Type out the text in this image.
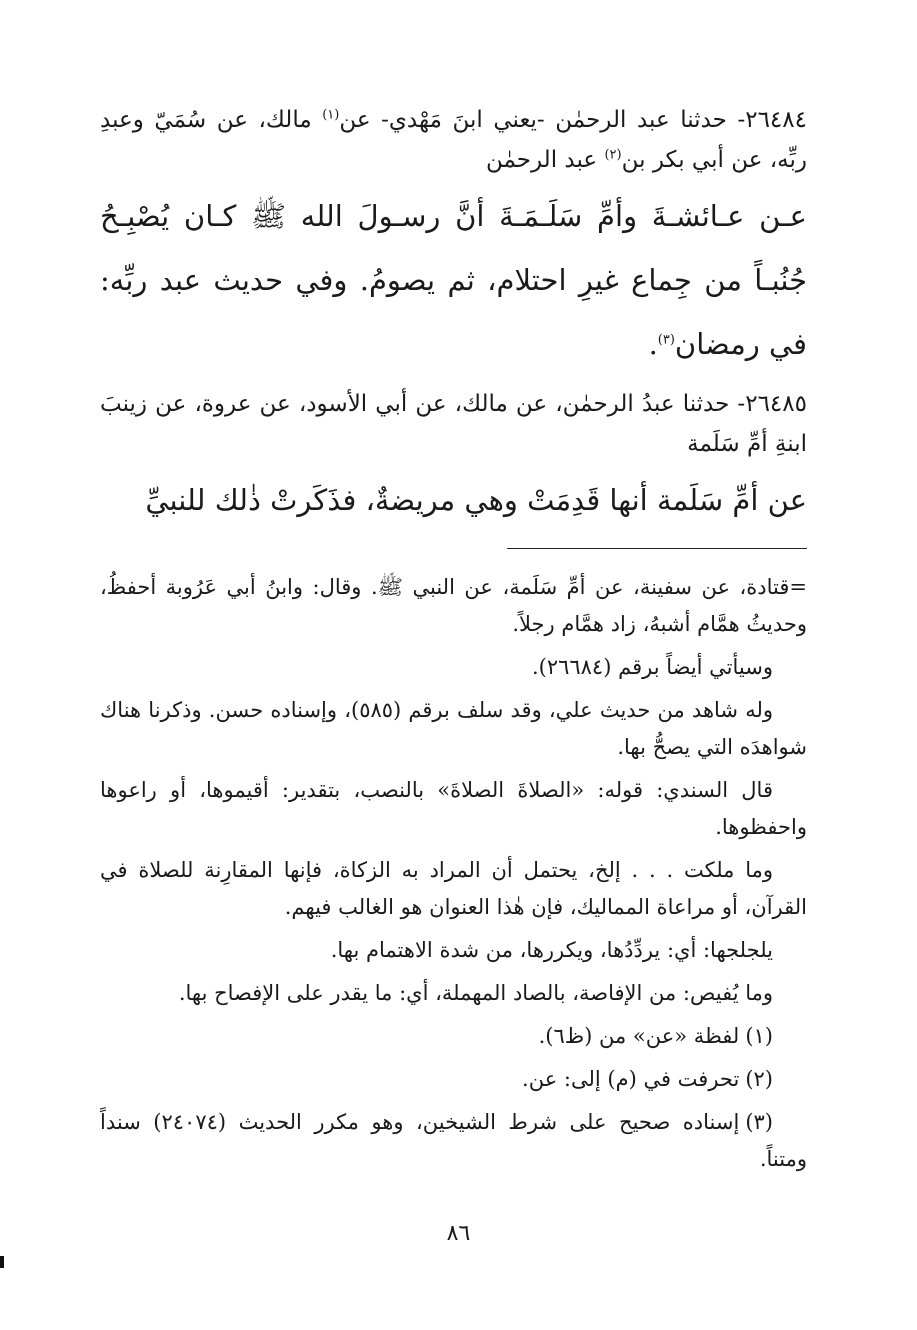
٢٦٤٨٤- حدثنا عبد الرحمٰن -يعني ابنَ مَهْدي- عن$^{(١)}$ مالك، عن سُمَيّ وعبدِ ربِّه، عن أبي بكر بن$^{(٢)}$ عبد الرحمٰن

عـن عـائشـةَ وأمِّ سَلَـمَـةَ أنَّ رسـولَ الله ﷺ كـان يُصْبِـحُ جُنُبـاً من جِماع غيرِ احتلام، ثم يصومُ. وفي حديث عبد ربِّه: في رمضان$^{(٣)}$.

٢٦٤٨٥- حدثنا عبدُ الرحمٰن، عن مالك، عن أبي الأسود، عن عروة، عن زينبَ ابنةِ أمِّ سَلَمة

عن أمِّ سَلَمة أنها قَدِمَتْ وهي مريضةٌ، فذَكَرتْ ذٰلك للنبيِّ

=قتادة، عن سفينة، عن أمِّ سَلَمة، عن النبي ﷺ. وقال: وابنُ أبي عَرُوبة أحفظُ، وحديثُ همَّام أشبهُ، زاد همَّام رجلاً.

وسيأتي أيضاً برقم (٢٦٦٨٤).

وله شاهد من حديث علي، وقد سلف برقم (٥٨٥)، وإسناده حسن. وذكرنا هناك شواهدَه التي يصحُّ بها.

قال السندي: قوله: «الصلاةَ الصلاةَ» بالنصب، بتقدير: أقيموها، أو راعوها واحفظوها.

وما ملكت . . . إلخ، يحتمل أن المراد به الزكاة، فإنها المقارِنة للصلاة في القرآن، أو مراعاة المماليك، فإن هٰذا العنوان هو الغالب فيهم.

يلجلجها: أي: يردِّدُها، ويكررها، من شدة الاهتمام بها.

وما يُفيص: من الإفاصة، بالصاد المهملة، أي: ما يقدر على الإفصاح بها.

(١)لفظة «عن» من (ظ٦).

(٢)تحرفت في (م) إلى: عن.

(٣)إسناده صحيح على شرط الشيخين، وهو مكرر الحديث (٢٤٠٧٤) سنداً ومتناً.

٨٦
